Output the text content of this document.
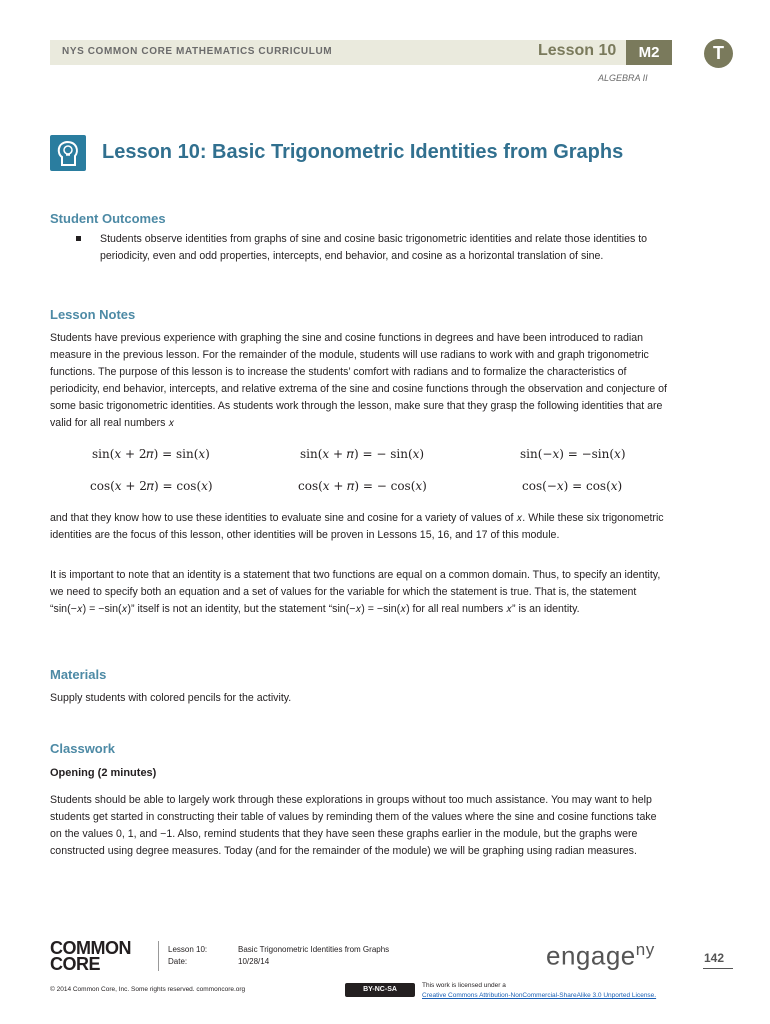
NYS COMMON CORE MATHEMATICS CURRICULUM	Lesson 10	M2
ALGEBRA II
T
Lesson 10: Basic Trigonometric Identities from Graphs
Student Outcomes
Students observe identities from graphs of sine and cosine basic trigonometric identities and relate those identities to periodicity, even and odd properties, intercepts, end behavior, and cosine as a horizontal translation of sine.
Lesson Notes
Students have previous experience with graphing the sine and cosine functions in degrees and have been introduced to radian measure in the previous lesson. For the remainder of the module, students will use radians to work with and graph trigonometric functions. The purpose of this lesson is to increase the students’ comfort with radians and to formalize the characteristics of periodicity, end behavior, intercepts, and relative extrema of the sine and cosine functions through the observation and conjecture of some basic trigonometric identities. As students work through the lesson, make sure that they grasp the following identities that are valid for all real numbers 𝑥
sin(𝑥 + 2𝜋) = sin(𝑥)	sin(𝑥 + 𝜋) = − sin(𝑥)	sin(−𝑥) = −sin(𝑥)
cos(𝑥 + 2𝜋) = cos(𝑥)	cos(𝑥 + 𝜋) = − cos(𝑥)	cos(−𝑥) = cos(𝑥)
and that they know how to use these identities to evaluate sine and cosine for a variety of values of 𝑥. While these six trigonometric identities are the focus of this lesson, other identities will be proven in Lessons 15, 16, and 17 of this module.
It is important to note that an identity is a statement that two functions are equal on a common domain. Thus, to specify an identity, we need to specify both an equation and a set of values for the variable for which the statement is true. That is, the statement “sin(−𝑥) = −sin(𝑥)” itself is not an identity, but the statement “sin(−𝑥) = −sin(𝑥) for all real numbers 𝑥” is an identity.
Materials
Supply students with colored pencils for the activity.
Classwork
Opening (2 minutes)
Students should be able to largely work through these explorations in groups without too much assistance. You may want to help students get started in constructing their table of values by reminding them of the values where the sine and cosine functions take on the values 0, 1, and −1. Also, remind students that they have seen these graphs earlier in the module, but the graphs were constructed using degree measures. Today (and for the remainder of the module) we will be graphing using radian measures.
COMMON
CORE
Lesson 10:
Date:
Basic Trigonometric Identities from Graphs
10/28/14
© 2014 Common Core, Inc. Some rights reserved. commoncore.org
engage$^{ny}$	142
BY-NC-SA
This work is licensed under a
Creative Commons Attribution-NonCommercial-ShareAlike 3.0 Unported License.
